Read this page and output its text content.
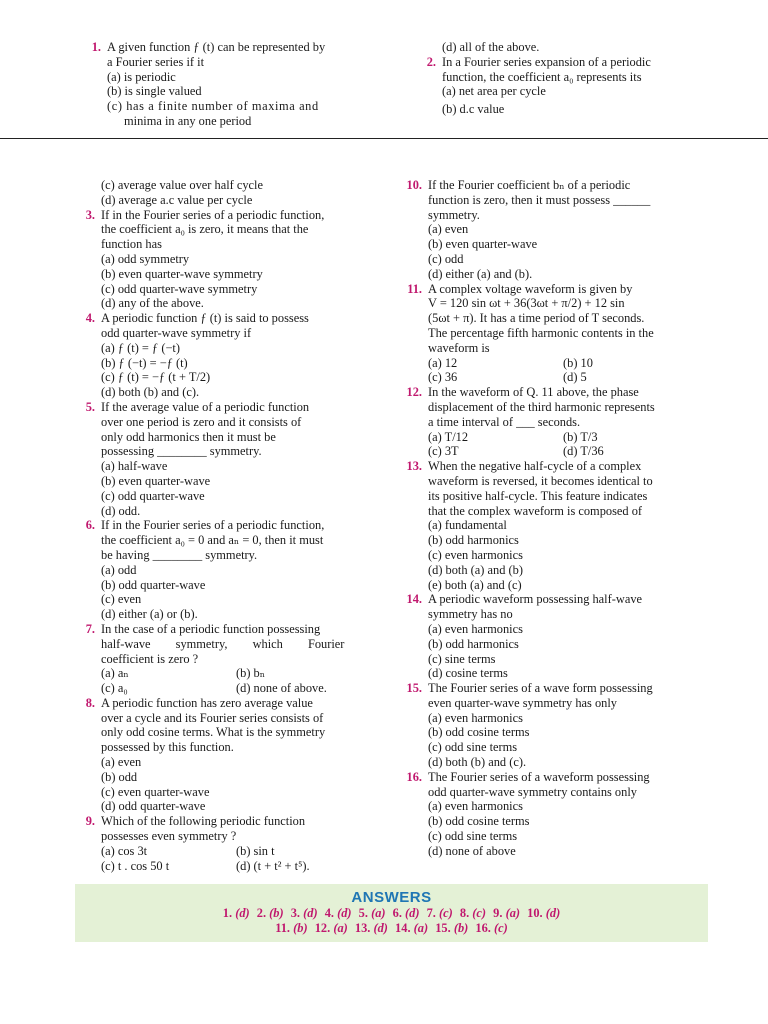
1. A given function ƒ (t) can be represented by
a Fourier series if it
(a) is periodic
(b) is single valued
(c) has a finite number of maxima and
minima in any one period
(d) all of the above.
2. In a Fourier series expansion of a periodic
function, the coefficient a₀ represents its
(a) net area per cycle
(b) d.c value
(c) average value over half cycle
(d) average a.c value per cycle
3. If in the Fourier series of a periodic function,
the coefficient a₀ is zero, it means that the
function has
(a) odd symmetry
(b) even quarter-wave symmetry
(c) odd quarter-wave symmetry
(d) any of the above.
4. A periodic function ƒ (t) is said to possess
odd quarter-wave symmetry if
(a) ƒ (t) = ƒ (−t)
(b) ƒ (−t) = −ƒ (t)
(c) ƒ (t) = −ƒ (t + T/2)
(d) both (b) and (c).
5. If the average value of a periodic function
over one period is zero and it consists of
only odd harmonics then it must be
possessing ________ symmetry.
(a) half-wave
(b) even quarter-wave
(c) odd quarter-wave
(d) odd.
6. If in the Fourier series of a periodic function,
the coefficient a₀ = 0 and aₙ = 0, then it must
be having ________ symmetry.
(a) odd
(b) odd quarter-wave
(c) even
(d) either (a) or (b).
7. In the case of a periodic function possessing
half-wave symmetry, which Fourier
coefficient is zero ?
(a) aₙ	(b) bₙ
(c) a₀	(d) none of above.
8. A periodic function has zero average value
over a cycle and its Fourier series consists of
only odd cosine terms. What is the symmetry
possessed by this function.
(a) even
(b) odd
(c) even quarter-wave
(d) odd quarter-wave
9. Which of the following periodic function
possesses even symmetry ?
(a) cos 3t	(b) sin t
(c) t . cos 50 t	(d) (t + t² + t⁵).
10. If the Fourier coefficient bₙ of a periodic
function is zero, then it must possess ______
symmetry.
(a) even
(b) even quarter-wave
(c) odd
(d) either (a) and (b).
11. A complex voltage waveform is given by
V = 120 sin ωt + 36(3ωt + π/2) + 12 sin
(5ωt + π). It has a time period of T seconds.
The percentage fifth harmonic contents in the
waveform is
(a) 12	(b) 10
(c) 36	(d) 5
12. In the waveform of Q. 11 above, the phase
displacement of the third harmonic represents
a time interval of ___ seconds.
(a) T/12	(b) T/3
(c) 3T	(d) T/36
13. When the negative half-cycle of a complex
waveform is reversed, it becomes identical to
its positive half-cycle. This feature indicates
that the complex waveform is composed of
(a) fundamental
(b) odd harmonics
(c) even harmonics
(d) both (a) and (b)
(e) both (a) and (c)
14. A periodic waveform possessing half-wave
symmetry has no
(a) even harmonics
(b) odd harmonics
(c) sine terms
(d) cosine terms
15. The Fourier series of a wave form possessing
even quarter-wave symmetry has only
(a) even harmonics
(b) odd cosine terms
(c) odd sine terms
(d) both (b) and (c).
16. The Fourier series of a waveform possessing
odd quarter-wave symmetry contains only
(a) even harmonics
(b) odd cosine terms
(c) odd sine terms
(d) none of above
ANSWERS
1. (d) 2. (b) 3. (d) 4. (d) 5. (a) 6. (d) 7. (c) 8. (c) 9. (a) 10. (d)
11. (b) 12. (a) 13. (d) 14. (a) 15. (b) 16. (c)
